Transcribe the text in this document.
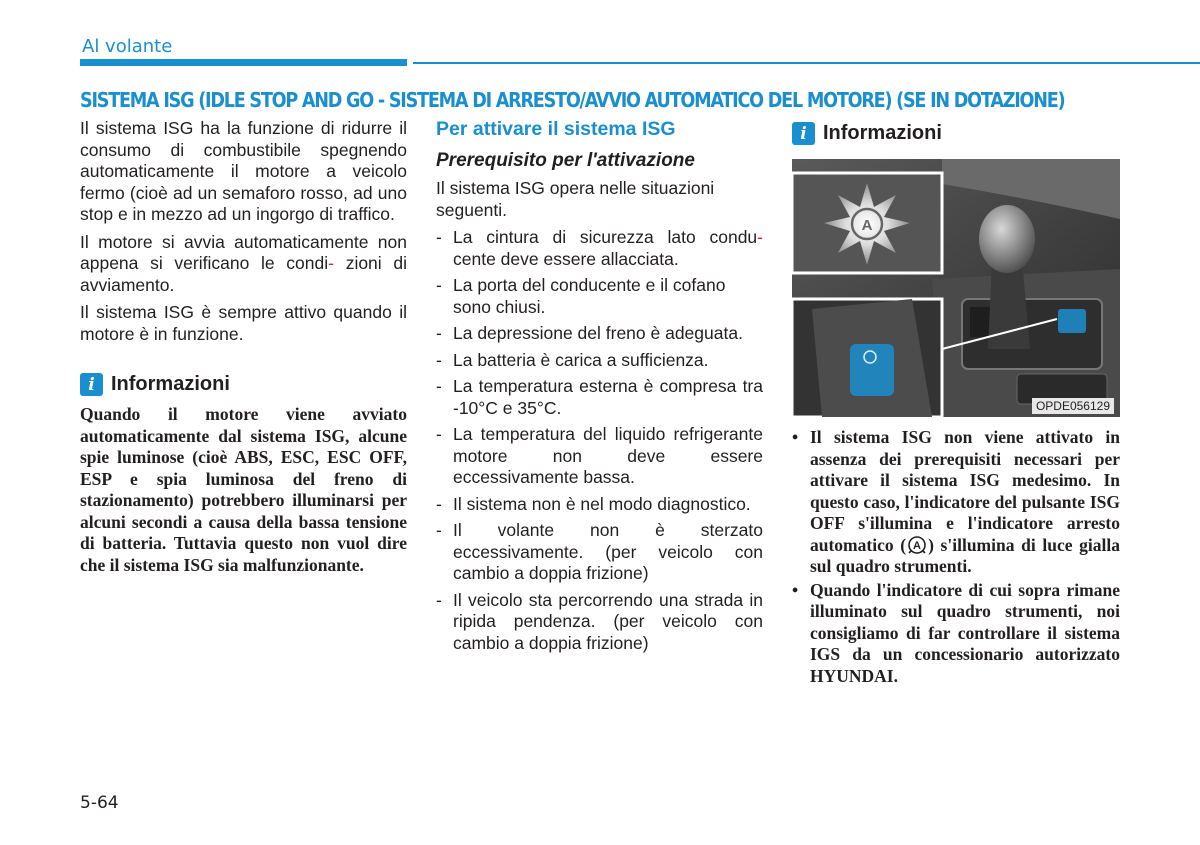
Al volante
SISTEMA ISG (IDLE STOP AND GO - SISTEMA DI ARRESTO/AVVIO AUTOMATICO DEL MOTORE) (SE IN DOTAZIONE)

Il sistema ISG ha la funzione di ridurre il consumo di combustibile spegnendo automaticamente il motore a veicolo fermo (cioè ad un semaforo rosso, ad uno stop e in mezzo ad un ingorgo di traffico.

Il motore si avvia automaticamente non appena si verificano le condi- zioni di avviamento.

Il sistema ISG è sempre attivo quando il motore è in funzione.

i Informazioni

Quando il motore viene avviato automaticamente dal sistema ISG, alcune spie luminose (cioè ABS, ESC, ESC OFF, ESP e spia luminosa del freno di stazionamento) potrebbero illuminarsi per alcuni secondi a causa della bassa tensione di batteria. Tuttavia questo non vuol dire che il sistema ISG sia malfunzionante.

Per attivare il sistema ISG
Prerequisito per l'attivazione

Il sistema ISG opera nelle situazioni seguenti.

- La cintura di sicurezza lato condu- cente deve essere allacciata.
- La porta del conducente e il cofano sono chiusi.
- La depressione del freno è adeguata.
- La batteria è carica a sufficienza.
- La temperatura esterna è compresa tra -10°C e 35°C.
- La temperatura del liquido refrigerante motore non deve essere eccessivamente bassa.
- Il sistema non è nel modo diagnostico.
- Il volante non è sterzato eccessivamente. (per veicolo con cambio a doppia frizione)
- Il veicolo sta percorrendo una strada in ripida pendenza. (per veicolo con cambio a doppia frizione)
i Informazioni
A
OPDE056129
• Il sistema ISG non viene attivato in assenza dei prerequisiti necessari per attivare il sistema ISG medesimo. In questo caso, l'indicatore del pulsante ISG OFF s'illumina e l'indicatore arresto automatico ( A ) s'illumina di luce gialla sul quadro strumenti.
• Quando l'indicatore di cui sopra rimane illuminato sul quadro strumenti, noi consigliamo di far controllare il sistema IGS da un concessionario autorizzato HYUNDAI.
5-64
